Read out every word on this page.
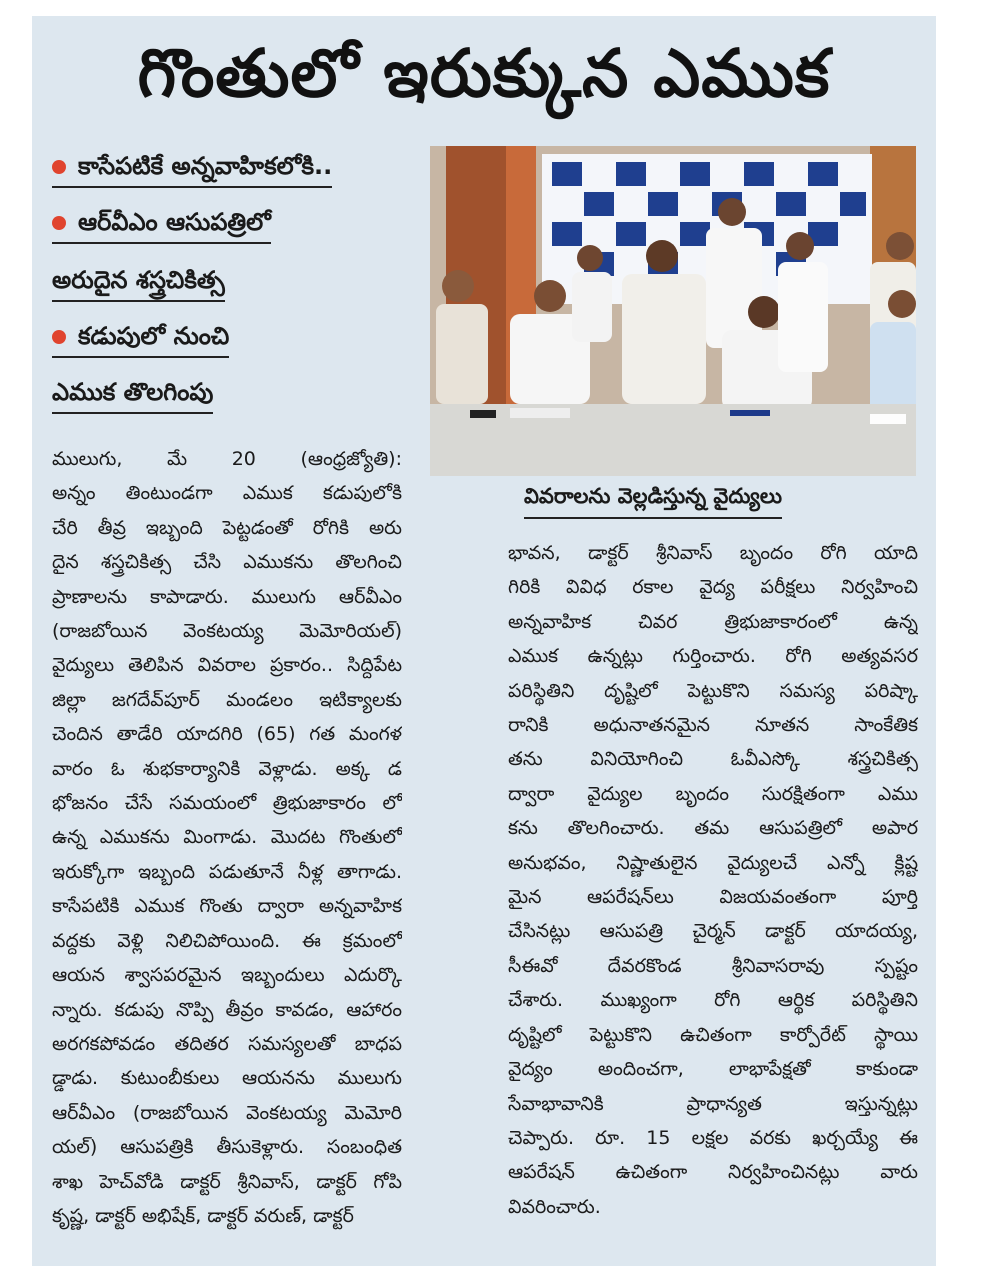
గొంతులో ఇరుక్కున ఎముక
కాసేపటికే అన్నవాహికలోకి..
ఆర్‌వీఎం ఆసుపత్రిలో
అరుదైన శస్త్రచికిత్స
కడుపులో నుంచి
ఎముక తొలగింపు
వివరాలను వెల్లడిస్తున్న వైద్యులు

ములుగు, మే 20 (ఆంధ్రజ్యోతి):

అన్నం తింటుండగా ఎముక కడుపులోకి

చేరి తీవ్ర ఇబ్బంది పెట్టడంతో రోగికి అరు

దైన శస్త్రచికిత్స చేసి ఎముకను తొలగించి

ప్రాణాలను కాపాడారు. ములుగు ఆర్‌వీఎం

(రాజబోయిన వెంకటయ్య మెమోరియల్)

వైద్యులు తెలిపిన వివరాల ప్రకారం.. సిద్దిపేట

జిల్లా జగదేవ్‌పూర్ మండలం ఇటిక్యాలకు

చెందిన తాడేరి యాదగిరి (65) గత మంగళ

వారం ఓ శుభకార్యానికి వెళ్లాడు. అక్క డ

భోజనం చేసే సమయంలో త్రిభుజాకారం లో

ఉన్న ఎముకను మింగాడు. మొదట గొంతులో

ఇరుక్కోగా ఇబ్బంది పడుతూనే నీళ్ల తాగాడు.

కాసేపటికి ఎముక గొంతు ద్వారా అన్నవాహిక

వద్దకు వెళ్లి నిలిచిపోయింది. ఈ క్రమంలో

ఆయన శ్వాసపరమైన ఇబ్బందులు ఎదుర్కొ

న్నారు. కడుపు నొప్పి తీవ్రం కావడం, ఆహారం

అరగకపోవడం తదితర సమస్యలతో బాధప

డ్డాడు. కుటుంబీకులు ఆయనను ములుగు

ఆర్‌వీఎం (రాజబోయిన వెంకటయ్య మెమోరి

యల్) ఆసుపత్రికి తీసుకెళ్లారు. సంబంధిత

శాఖ హెచ్‌వోడి డాక్టర్ శ్రీనివాస్, డాక్టర్ గోపి

కృష్ణ, డాక్టర్ అభిషేక్, డాక్టర్ వరుణ్, డాక్టర్

భావన, డాక్టర్ శ్రీనివాస్ బృందం రోగి యాది

గిరికి వివిధ రకాల వైద్య పరీక్షలు నిర్వహించి

అన్నవాహిక చివర త్రిభుజాకారంలో ఉన్న

ఎముక ఉన్నట్లు గుర్తించారు. రోగి అత్యవసర

పరిస్థితిని దృష్టిలో పెట్టుకొని సమస్య పరిష్కా

రానికి అధునాతనమైన నూతన సాంకేతిక

తను వినియోగించి ఓవీఎస్కో శస్త్రచికిత్స

ద్వారా వైద్యుల బృందం సురక్షితంగా ఎము

కను తొలగించారు. తమ ఆసుపత్రిలో అపార

అనుభవం, నిష్ణాతులైన వైద్యులచే ఎన్నో క్లిష్ట

మైన ఆపరేషన్‌లు విజయవంతంగా పూర్తి

చేసినట్లు ఆసుపత్రి చైర్మన్ డాక్టర్ యాదయ్య,

సీఈవో దేవరకొండ శ్రీనివాసరావు స్పష్టం

చేశారు. ముఖ్యంగా రోగి ఆర్థిక పరిస్థితిని

దృష్టిలో పెట్టుకొని ఉచితంగా కార్పోరేట్ స్థాయి

వైద్యం అందించగా, లాభాపేక్షతో కాకుండా

సేవాభావానికి ప్రాధాన్యత ఇస్తున్నట్లు

చెప్పారు. రూ. 15 లక్షల వరకు ఖర్చయ్యే ఈ

ఆపరేషన్ ఉచితంగా నిర్వహించినట్లు వారు

వివరించారు.
